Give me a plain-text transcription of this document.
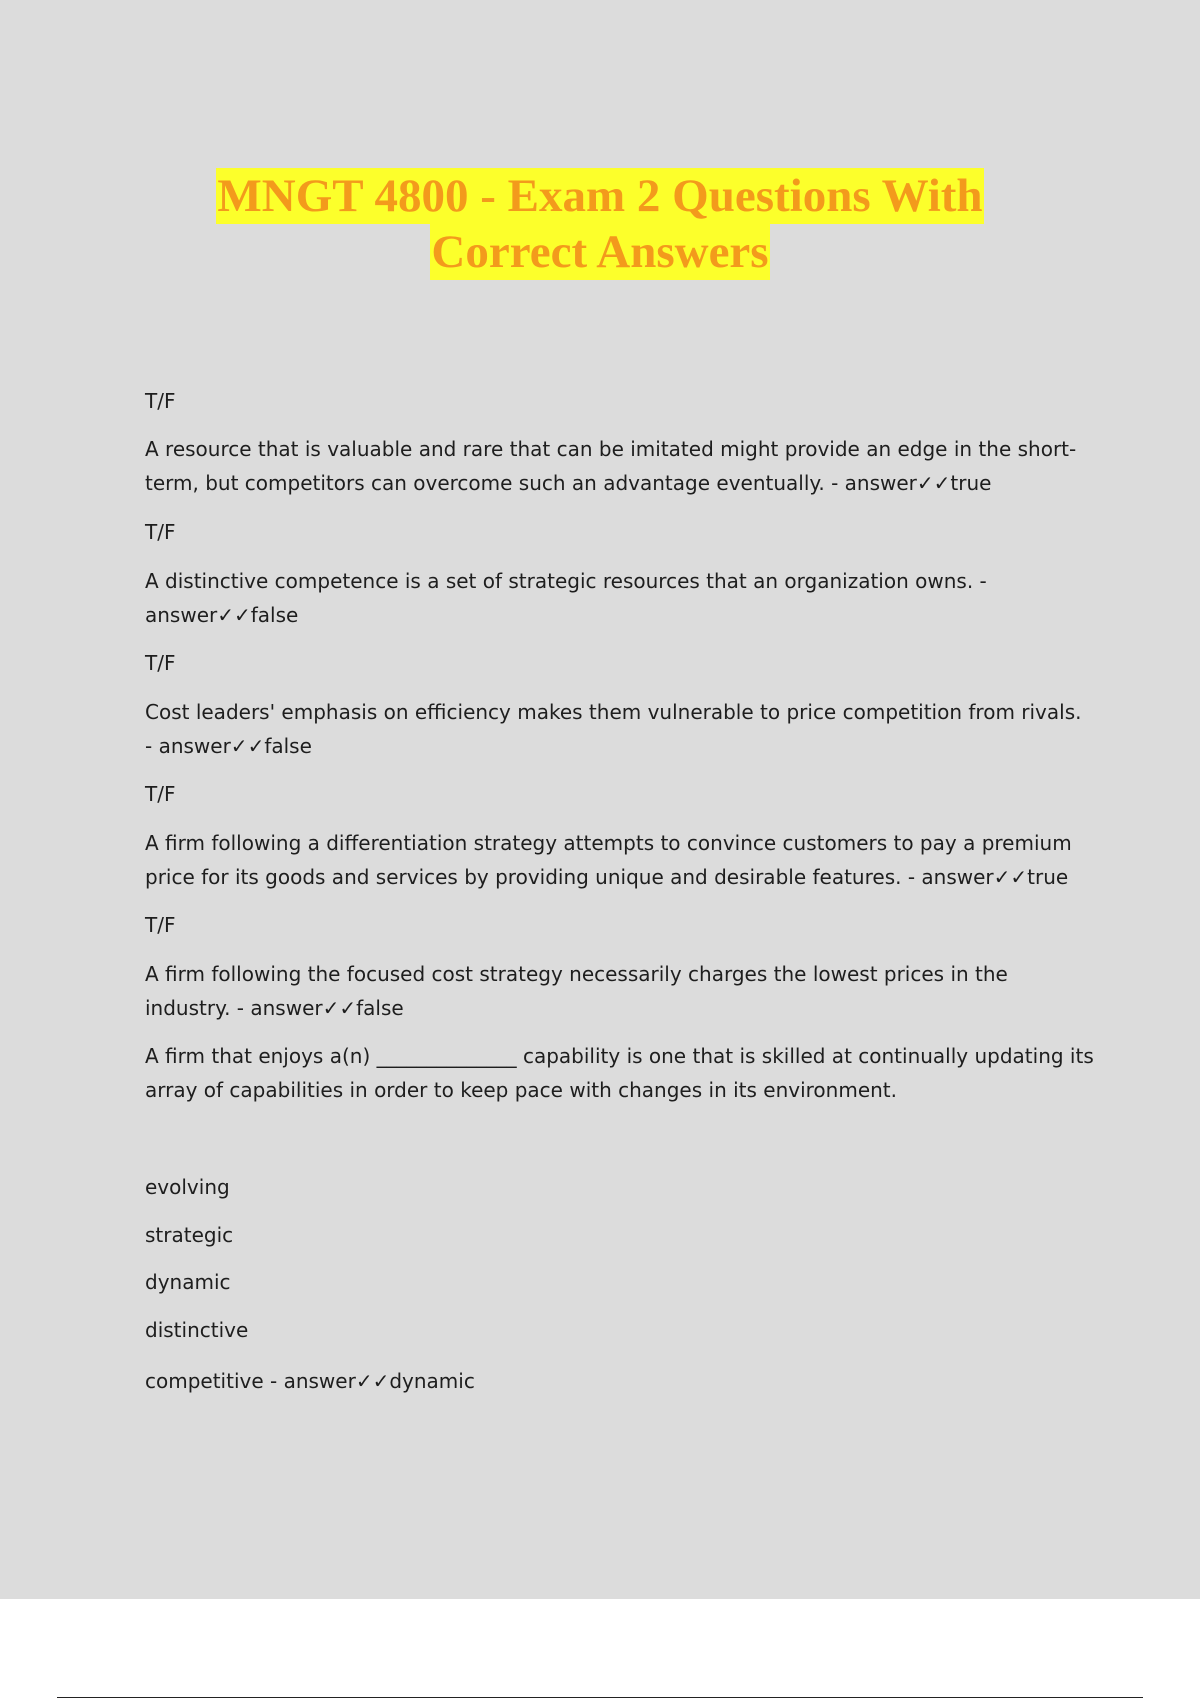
MNGT 4800 - Exam 2 Questions With
Correct Answers

T/F

A resource that is valuable and rare that can be imitated might provide an edge in the short-term, but competitors can overcome such an advantage eventually. - answer✓✓true

T/F

A distinctive competence is a set of strategic resources that an organization owns. - answer✓✓false

T/F

Cost leaders' emphasis on efficiency makes them vulnerable to price competition from rivals. - answer✓✓false

T/F

A firm following a differentiation strategy attempts to convince customers to pay a premium price for its goods and services by providing unique and desirable features. - answer✓✓true

T/F

A firm following the focused cost strategy necessarily charges the lowest prices in the industry. - answer✓✓false

A firm that enjoys a(n) ______________ capability is one that is skilled at continually updating its array of capabilities in order to keep pace with changes in its environment.

evolving

strategic

dynamic

distinctive

competitive - answer✓✓dynamic
